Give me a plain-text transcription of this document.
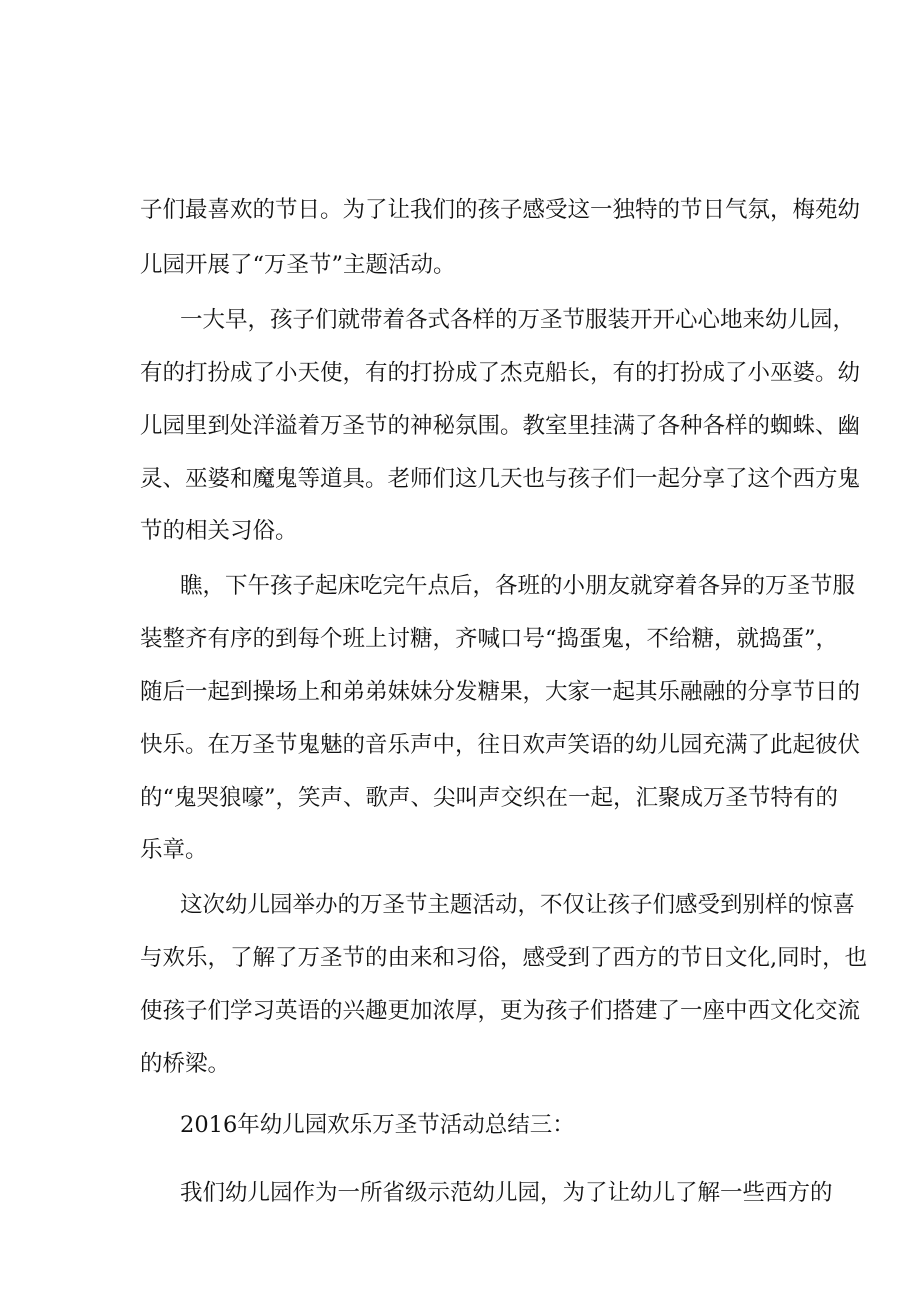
子们最喜欢的节日。为了让我们的孩子感受这一独特的节日气氛，梅苑幼
儿园开展了“万圣节”主题活动。
一大早，孩子们就带着各式各样的万圣节服装开开心心地来幼儿园，
有的打扮成了小天使，有的打扮成了杰克船长，有的打扮成了小巫婆。幼
儿园里到处洋溢着万圣节的神秘氛围。教室里挂满了各种各样的蜘蛛、幽
灵、巫婆和魔鬼等道具。老师们这几天也与孩子们一起分享了这个西方鬼
节的相关习俗。
瞧，下午孩子起床吃完午点后，各班的小朋友就穿着各异的万圣节服
装整齐有序的到每个班上讨糖，齐喊口号“捣蛋鬼，不给糖，就捣蛋”，
随后一起到操场上和弟弟妹妹分发糖果，大家一起其乐融融的分享节日的
快乐。在万圣节鬼魅的音乐声中，往日欢声笑语的幼儿园充满了此起彼伏
的“鬼哭狼嚎”，笑声、歌声、尖叫声交织在一起，汇聚成万圣节特有的
乐章。
这次幼儿园举办的万圣节主题活动，不仅让孩子们感受到别样的惊喜
与欢乐，了解了万圣节的由来和习俗，感受到了西方的节日文化,同时，也
使孩子们学习英语的兴趣更加浓厚，更为孩子们搭建了一座中西文化交流
的桥梁。
2016年幼儿园欢乐万圣节活动总结三：
我们幼儿园作为一所省级示范幼儿园，为了让幼儿了解一些西方的
